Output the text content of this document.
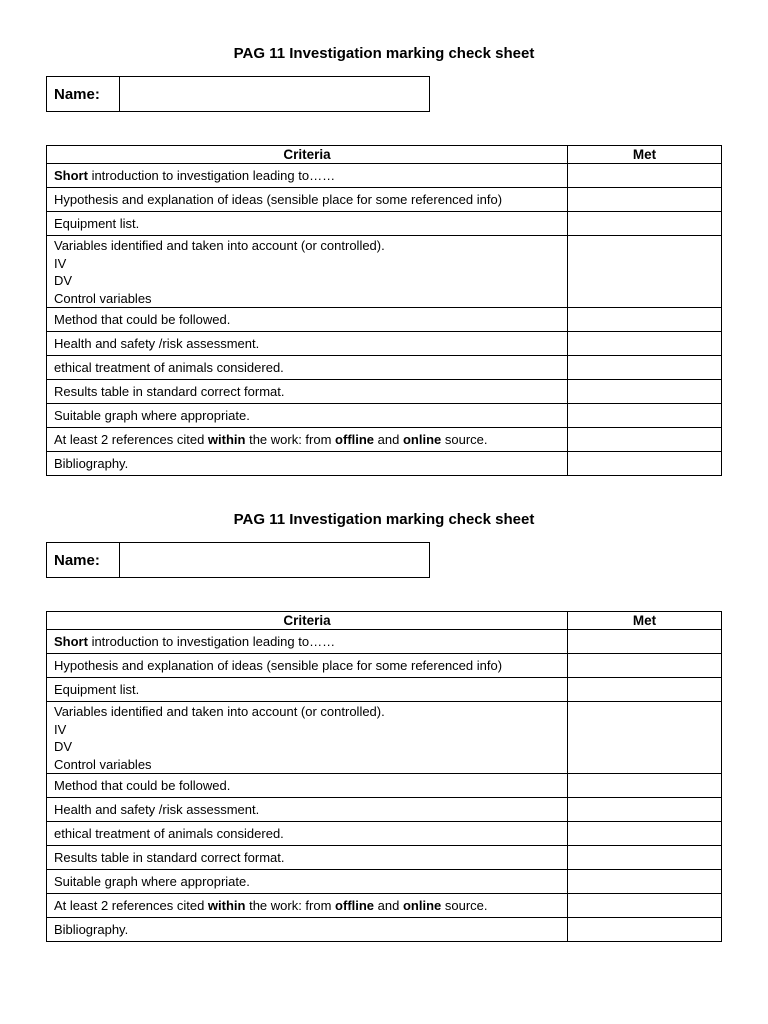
PAG 11 Investigation marking check sheet
Name:
Criteria	Met
Short introduction to investigation leading to……	
Hypothesis and explanation of ideas (sensible place for some referenced info)	
Equipment list.	

Variables identified and taken into account (or controlled).
IV
DV
Control variables	

Method that could be followed.	
Health and safety /risk assessment.	
ethical treatment of animals considered.	
Results table in standard correct format.	
Suitable graph where appropriate.	
At least 2 references cited within the work: from offline and online source.	
Bibliography.	
PAG 11 Investigation marking check sheet
Name:
Criteria	Met
Short introduction to investigation leading to……	
Hypothesis and explanation of ideas (sensible place for some referenced info)	
Equipment list.	

Variables identified and taken into account (or controlled).
IV
DV
Control variables	

Method that could be followed.	
Health and safety /risk assessment.	
ethical treatment of animals considered.	
Results table in standard correct format.	
Suitable graph where appropriate.	
At least 2 references cited within the work: from offline and online source.	
Bibliography.	
